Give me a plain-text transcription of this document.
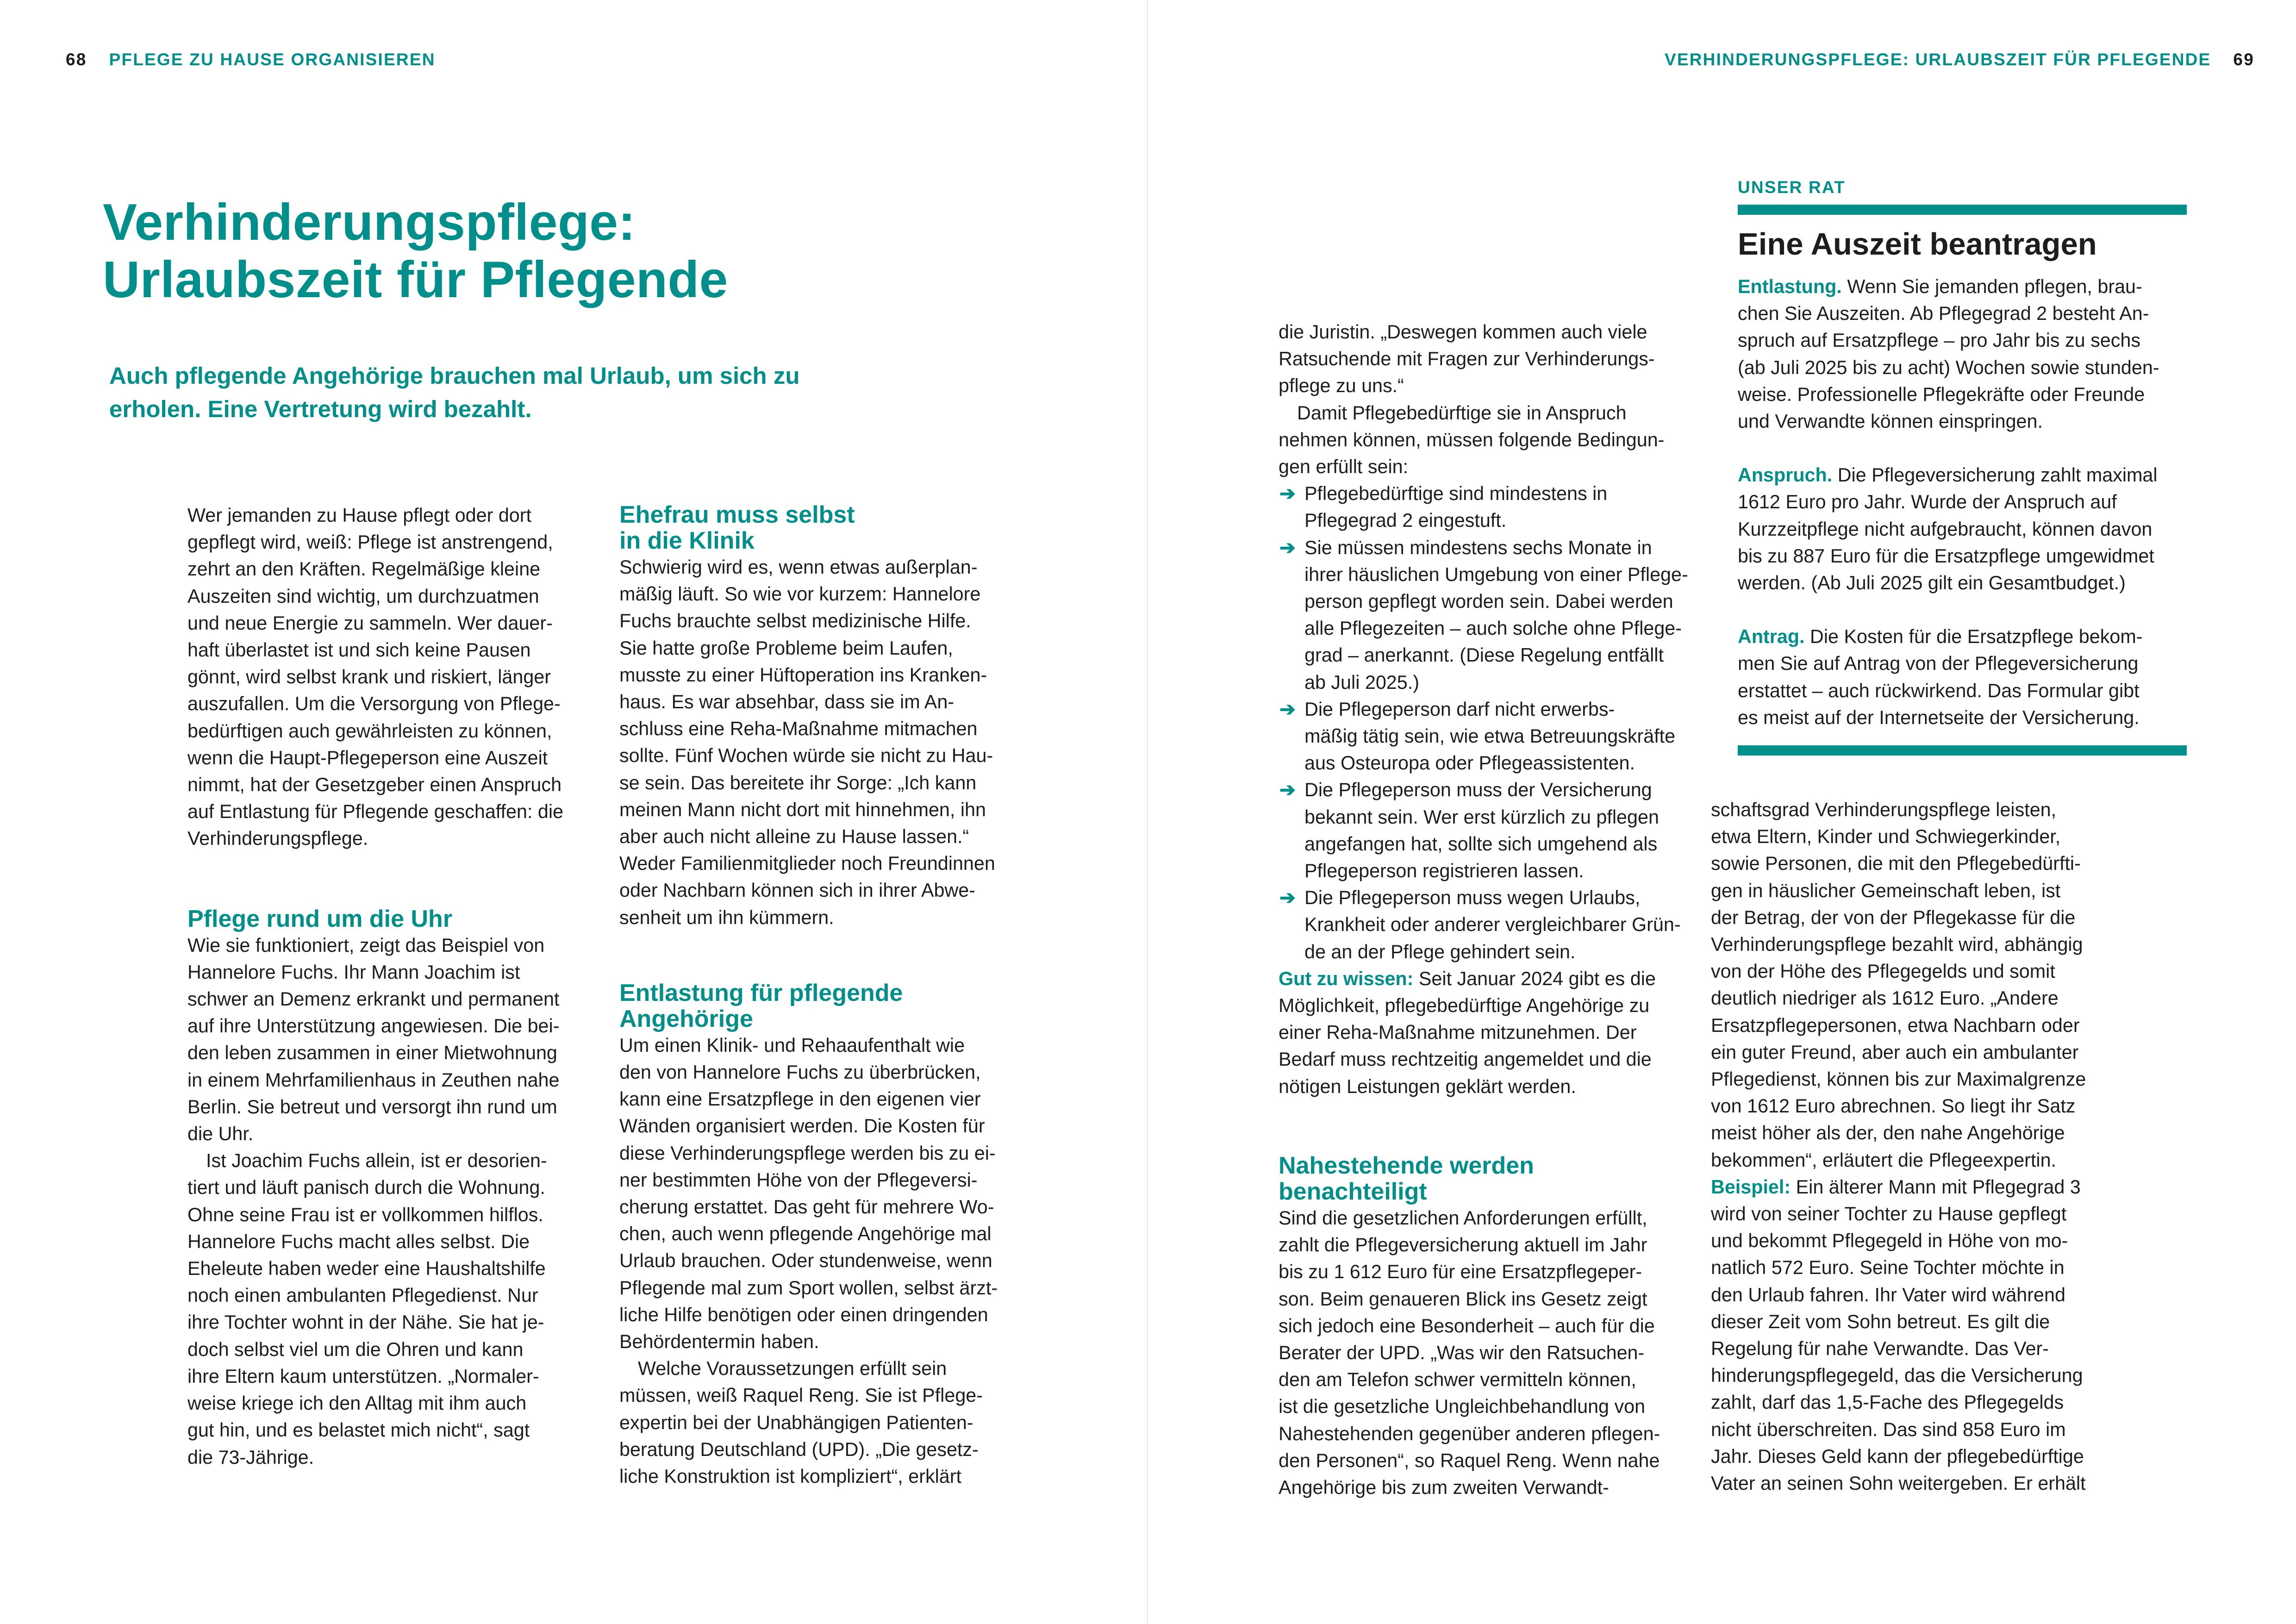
68 PFLEGE ZU HAUSE ORGANISIEREN
Verhinderungspflege:
Urlaubszeit für Pflegende

Auch pflegende Angehörige brauchen mal Urlaub, um sich zu
erholen. Eine Vertretung wird bezahlt.

Wer jemanden zu Hause pflegt oder dort
gepflegt wird, weiß: Pflege ist anstrengend,
zehrt an den Kräften. Regelmäßige kleine
Auszeiten sind wichtig, um durchzuatmen
und neue Energie zu sammeln. Wer dauer-
haft überlastet ist und sich keine Pausen
gönnt, wird selbst krank und riskiert, länger
auszufallen. Um die Versorgung von Pflege-
bedürftigen auch gewährleisten zu können,
wenn die Haupt-Pflegeperson eine Auszeit
nimmt, hat der Gesetzgeber einen Anspruch
auf Entlastung für Pflegende geschaffen: die
Verhinderungspflege.
Pflege rund um die Uhr
Wie sie funktioniert, zeigt das Beispiel von
Hannelore Fuchs. Ihr Mann Joachim ist
schwer an Demenz erkrankt und permanent
auf ihre Unterstützung angewiesen. Die bei-
den leben zusammen in einer Mietwohnung
in einem Mehrfamilienhaus in Zeuthen nahe
Berlin. Sie betreut und versorgt ihn rund um
die Uhr.
Ist Joachim Fuchs allein, ist er desorien-
tiert und läuft panisch durch die Wohnung.
Ohne seine Frau ist er vollkommen hilflos.
Hannelore Fuchs macht alles selbst. Die
Eheleute haben weder eine Haushaltshilfe
noch einen ambulanten Pflegedienst. Nur
ihre Tochter wohnt in der Nähe. Sie hat je-
doch selbst viel um die Ohren und kann
ihre Eltern kaum unterstützen. „Normaler-
weise kriege ich den Alltag mit ihm auch
gut hin, und es belastet mich nicht“, sagt
die 73-Jährige.
Ehefrau muss selbst
in die Klinik
Schwierig wird es, wenn etwas außerplan-
mäßig läuft. So wie vor kurzem: Hannelore
Fuchs brauchte selbst medizinische Hilfe.
Sie hatte große Probleme beim Laufen,
musste zu einer Hüftoperation ins Kranken-
haus. Es war absehbar, dass sie im An-
schluss eine Reha-Maßnahme mitmachen
sollte. Fünf Wochen würde sie nicht zu Hau-
se sein. Das bereitete ihr Sorge: „Ich kann
meinen Mann nicht dort mit hinnehmen, ihn
aber auch nicht alleine zu Hause lassen.“
Weder Familienmitglieder noch Freundinnen
oder Nachbarn können sich in ihrer Abwe-
senheit um ihn kümmern.
Entlastung für pflegende
Angehörige
Um einen Klinik- und Rehaaufenthalt wie
den von Hannelore Fuchs zu überbrücken,
kann eine Ersatzpflege in den eigenen vier
Wänden organisiert werden. Die Kosten für
diese Verhinderungspflege werden bis zu ei-
ner bestimmten Höhe von der Pflegeversi-
cherung erstattet. Das geht für mehrere Wo-
chen, auch wenn pflegende Angehörige mal
Urlaub brauchen. Oder stundenweise, wenn
Pflegende mal zum Sport wollen, selbst ärzt-
liche Hilfe benötigen oder einen dringenden
Behördentermin haben.
Welche Voraussetzungen erfüllt sein
müssen, weiß Raquel Reng. Sie ist Pflege-
expertin bei der Unabhängigen Patienten-
beratung Deutschland (UPD). „Die gesetz-
liche Konstruktion ist kompliziert“, erklärt
VERHINDERUNGSPFLEGE: URLAUBSZEIT FÜR PFLEGENDE 69
die Juristin. „Deswegen kommen auch viele
Ratsuchende mit Fragen zur Verhinderungs-
pflege zu uns.“
Damit Pflegebedürftige sie in Anspruch
nehmen können, müssen folgende Bedingun-
gen erfüllt sein:
➔ Pflegebedürftige sind mindestens in
Pflegegrad 2 eingestuft.
➔ Sie müssen mindestens sechs Monate in
ihrer häuslichen Umgebung von einer Pflege-
person gepflegt worden sein. Dabei werden
alle Pflegezeiten – auch solche ohne Pflege-
grad – anerkannt. (Diese Regelung entfällt
ab Juli 2025.)
➔ Die Pflegeperson darf nicht erwerbs-
mäßig tätig sein, wie etwa Betreuungskräfte
aus Osteuropa oder Pflegeassistenten.
➔ Die Pflegeperson muss der Versicherung
bekannt sein. Wer erst kürzlich zu pflegen
angefangen hat, sollte sich umgehend als
Pflegeperson registrieren lassen.
➔ Die Pflegeperson muss wegen Urlaubs,
Krankheit oder anderer vergleichbarer Grün-
de an der Pflege gehindert sein.
Gut zu wissen: Seit Januar 2024 gibt es die
Möglichkeit, pflegebedürftige Angehörige zu
einer Reha-Maßnahme mitzunehmen. Der
Bedarf muss rechtzeitig angemeldet und die
nötigen Leistungen geklärt werden.
Nahestehende werden
benachteiligt
Sind die gesetzlichen Anforderungen erfüllt,
zahlt die Pflegeversicherung aktuell im Jahr
bis zu 1 612 Euro für eine Ersatzpflegeper-
son. Beim genaueren Blick ins Gesetz zeigt
sich jedoch eine Besonderheit – auch für die
Berater der UPD. „Was wir den Ratsuchen-
den am Telefon schwer vermitteln können,
ist die gesetzliche Ungleichbehandlung von
Nahestehenden gegenüber anderen pflegen-
den Personen“, so Raquel Reng. Wenn nahe
Angehörige bis zum zweiten Verwandt-
UNSER RAT
Eine Auszeit beantragen
Entlastung. Wenn Sie jemanden pflegen, brau-
chen Sie Auszeiten. Ab Pflegegrad 2 besteht An-
spruch auf Ersatzpflege – pro Jahr bis zu sechs
(ab Juli 2025 bis zu acht) Wochen sowie stunden-
weise. Professionelle Pflegekräfte oder Freunde
und Verwandte können einspringen.
Anspruch. Die Pflegeversicherung zahlt maximal
1612 Euro pro Jahr. Wurde der Anspruch auf
Kurzzeitpflege nicht aufgebraucht, können davon
bis zu 887 Euro für die Ersatzpflege umgewidmet
werden. (Ab Juli 2025 gilt ein Gesamtbudget.)
Antrag. Die Kosten für die Ersatzpflege bekom-
men Sie auf Antrag von der Pflegeversicherung
erstattet – auch rückwirkend. Das Formular gibt
es meist auf der Internetseite der Versicherung.
schaftsgrad Verhinderungspflege leisten,
etwa Eltern, Kinder und Schwiegerkinder,
sowie Personen, die mit den Pflegebedürfti-
gen in häuslicher Gemeinschaft leben, ist
der Betrag, der von der Pflegekasse für die
Verhinderungspflege bezahlt wird, abhängig
von der Höhe des Pflegegelds und somit
deutlich niedriger als 1612 Euro. „Andere
Ersatzpflegepersonen, etwa Nachbarn oder
ein guter Freund, aber auch ein ambulanter
Pflegedienst, können bis zur Maximalgrenze
von 1612 Euro abrechnen. So liegt ihr Satz
meist höher als der, den nahe Angehörige
bekommen“, erläutert die Pflegeexpertin.
Beispiel: Ein älterer Mann mit Pflegegrad 3
wird von seiner Tochter zu Hause gepflegt
und bekommt Pflegegeld in Höhe von mo-
natlich 572 Euro. Seine Tochter möchte in
den Urlaub fahren. Ihr Vater wird während
dieser Zeit vom Sohn betreut. Es gilt die
Regelung für nahe Verwandte. Das Ver-
hinderungspflegegeld, das die Versicherung
zahlt, darf das 1,5-Fache des Pflegegelds
nicht überschreiten. Das sind 858 Euro im
Jahr. Dieses Geld kann der pflegebedürftige
Vater an seinen Sohn weitergeben. Er erhält
